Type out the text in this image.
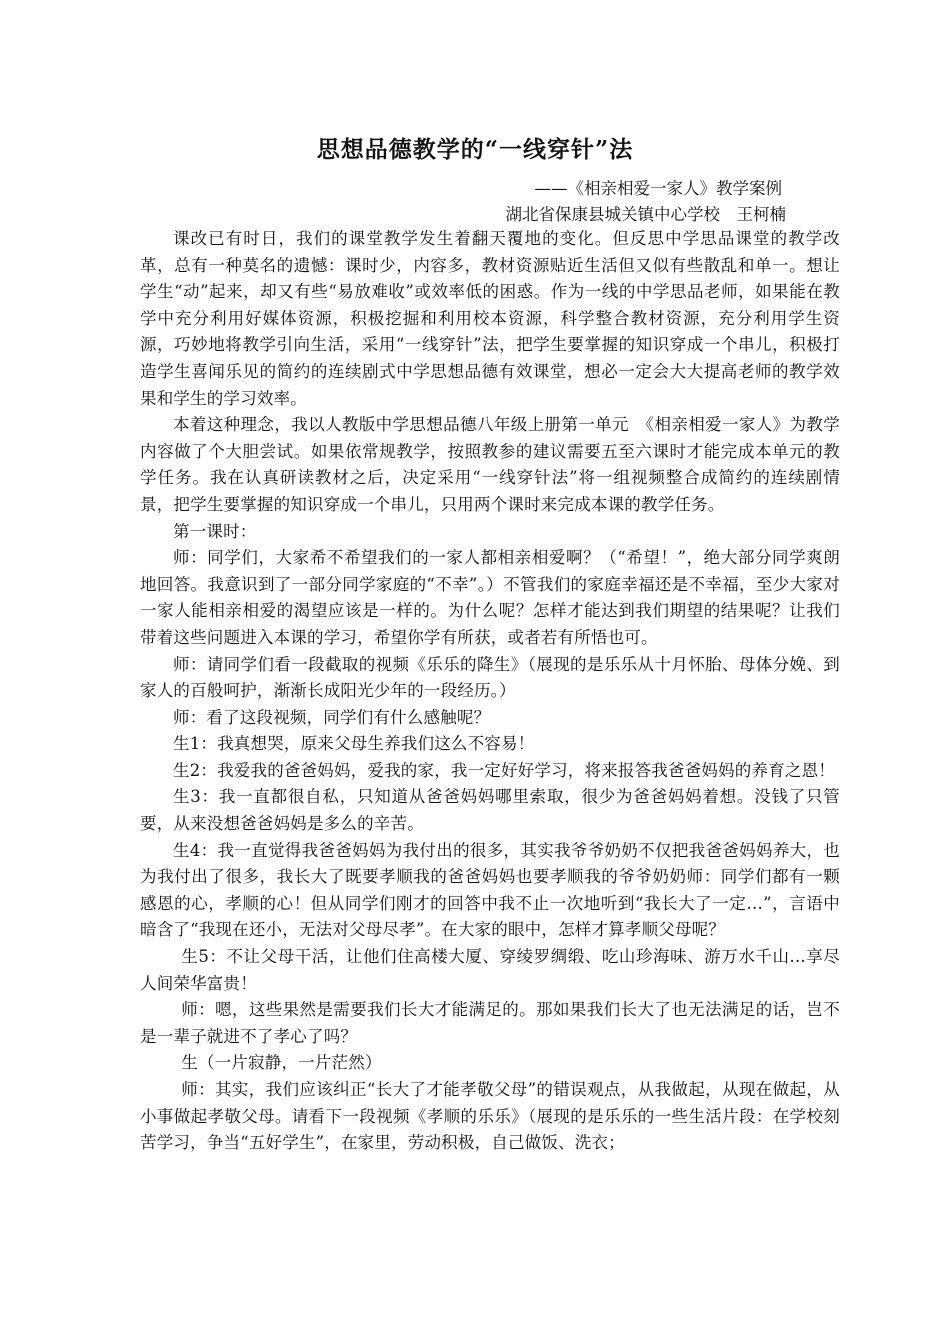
思想品德教学的“一线穿针”法
——《相亲相爱一家人》教学案例
湖北省保康县城关镇中心学校　王柯楠

课改已有时日，我们的课堂教学发生着翻天覆地的变化。但反思中学思品课堂的教学改革，总有一种莫名的遗憾：课时少，内容多，教材资源贴近生活但又似有些散乱和单一。想让学生“动”起来，却又有些“易放难收”或效率低的困惑。作为一线的中学思品老师，如果能在教学中充分利用好媒体资源，积极挖掘和利用校本资源，科学整合教材资源，充分利用学生资源，巧妙地将教学引向生活，采用“一线穿针”法，把学生要掌握的知识穿成一个串儿，积极打造学生喜闻乐见的简约的连续剧式中学思想品德有效课堂，想必一定会大大提高老师的教学效果和学生的学习效率。

本着这种理念，我以人教版中学思想品德八年级上册第一单元　《相亲相爱一家人》为教学内容做了个大胆尝试。如果依常规教学，按照教参的建议需要五至六课时才能完成本单元的教学任务。我在认真研读教材之后，决定采用“一线穿针法”将一组视频整合成简约的连续剧情景，把学生要掌握的知识穿成一个串儿，只用两个课时来完成本课的教学任务。

第一课时：

师：同学们，大家希不希望我们的一家人都相亲相爱啊？（“希望！”，绝大部分同学爽朗地回答。我意识到了一部分同学家庭的“不幸”。）不管我们的家庭幸福还是不幸福，至少大家对一家人能相亲相爱的渴望应该是一样的。为什么呢？怎样才能达到我们期望的结果呢？让我们带着这些问题进入本课的学习，希望你学有所获，或者若有所悟也可。

师：请同学们看一段截取的视频《乐乐的降生》（展现的是乐乐从十月怀胎、母体分娩、到家人的百般呵护，渐渐长成阳光少年的一段经历。）

师：看了这段视频，同学们有什么感触呢？

生1：我真想哭，原来父母生养我们这么不容易！

生2：我爱我的爸爸妈妈，爱我的家，我一定好好学习，将来报答我爸爸妈妈的养育之恩！

生3：我一直都很自私，只知道从爸爸妈妈哪里索取，很少为爸爸妈妈着想。没钱了只管要，从来没想爸爸妈妈是多么的辛苦。

生4：我一直觉得我爸爸妈妈为我付出的很多，其实我爷爷奶奶不仅把我爸爸妈妈养大，也为我付出了很多，我长大了既要孝顺我的爸爸妈妈也要孝顺我的爷爷奶奶师：同学们都有一颗感恩的心，孝顺的心！但从同学们刚才的回答中我不止一次地听到“我长大了一定…”，言语中暗含了“我现在还小，无法对父母尽孝”。在大家的眼中，怎样才算孝顺父母呢？

生5：不让父母干活，让他们住高楼大厦、穿绫罗绸缎、吃山珍海味、游万水千山...享尽人间荣华富贵！

师：嗯，这些果然是需要我们长大才能满足的。那如果我们长大了也无法满足的话，岂不是一辈子就进不了孝心了吗？

生（一片寂静，一片茫然）

师：其实，我们应该纠正“长大了才能孝敬父母”的错误观点，从我做起，从现在做起，从小事做起孝敬父母。请看下一段视频《孝顺的乐乐》（展现的是乐乐的一些生活片段：在学校刻苦学习，争当“五好学生”，在家里，劳动积极，自己做饭、洗衣；
